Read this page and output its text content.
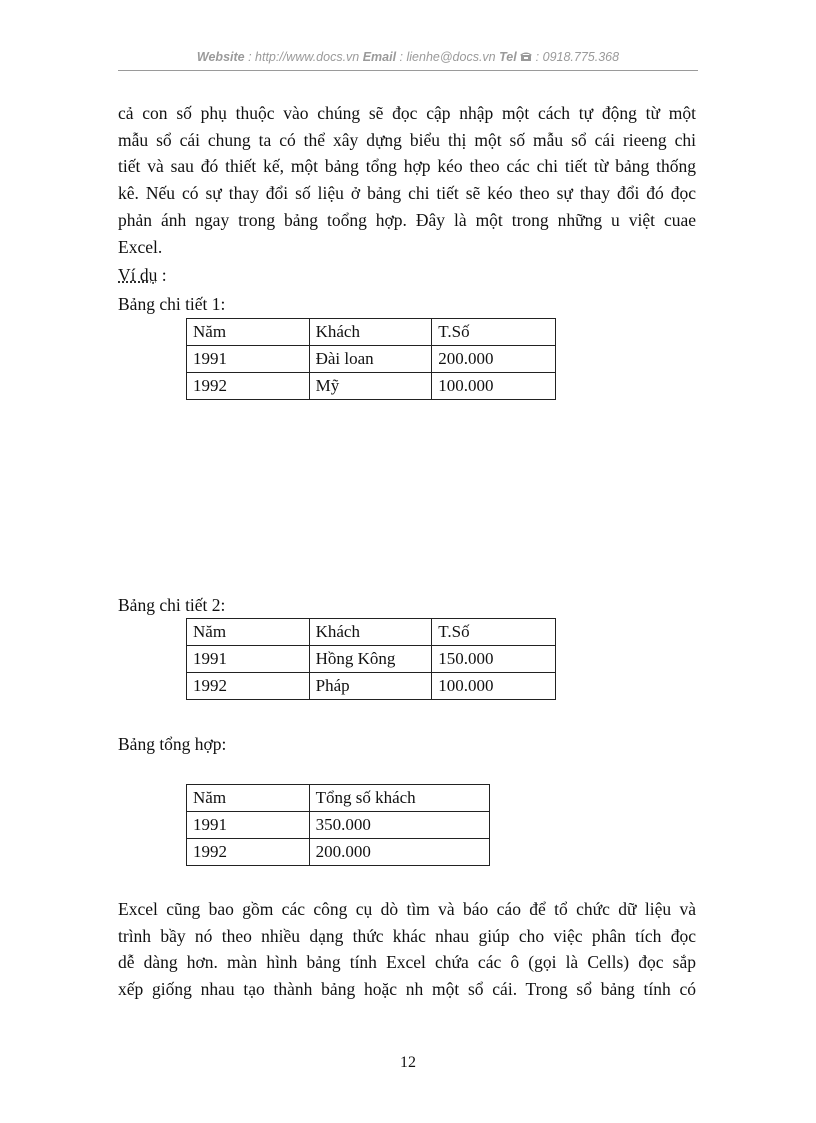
Website : http://www.docs.vn Email : lienhe@docs.vn Tel  : 0918.775.368
cả con số phụ thuộc vào chúng sẽ đọc cập nhập một cách tự động từ một
mẫu sổ cái chung ta có thể xây dựng biểu thị một số mẫu sổ cái rieeng chi
tiết và sau đó thiết kế, một bảng tổng hợp kéo theo các chi tiết từ bảng thống
kê. Nếu có sự thay đổi số liệu ở bảng chi tiết sẽ kéo theo sự thay đổi đó đọc
phản ánh ngay trong bảng toổng hợp. Đây là một trong những u việt cuae
Excel.

Ví dụ :

Bảng chi tiết 1:

Năm	Khách	T.Số
1991	Đài loan	200.000
1992	Mỹ	100.000

Bảng chi tiết 2:

Năm	Khách	T.Số
1991	Hồng Kông	150.000
1992	Pháp	100.000

Bảng tổng hợp:

Năm	Tổng số khách
1991	350.000
1992	200.000
Excel cũng bao gồm các công cụ dò tìm và báo cáo để tổ chức dữ liệu và
trình bầy nó theo nhiều dạng thức khác nhau giúp cho việc phân tích đọc
dễ dàng hơn. màn hình bảng tính Excel chứa các ô (gọi là Cells) đọc sắp
xếp giống nhau tạo thành bảng hoặc nh một sổ cái. Trong sổ bảng tính có
12
